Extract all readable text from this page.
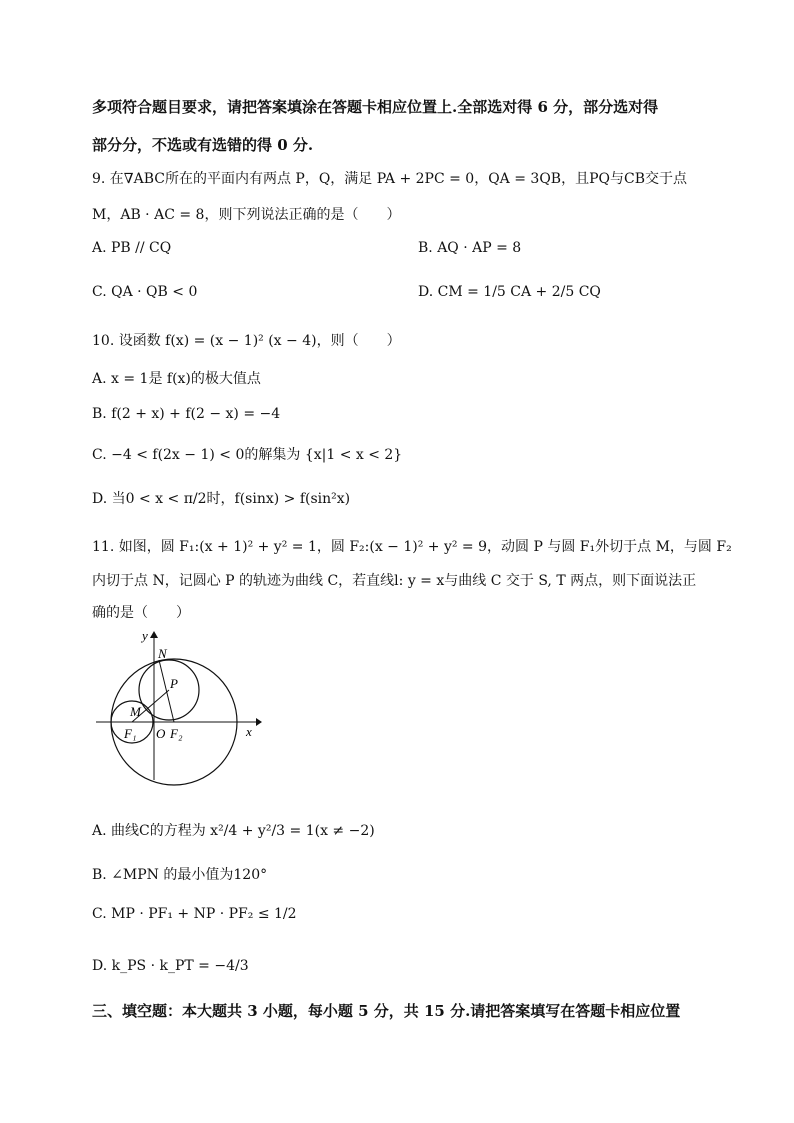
多项符合题目要求，请把答案填涂在答题卡相应位置上.全部选对得 6 分，部分选对得
部分分，不选或有选错的得 0 分.
9. 在∇ABC所在的平面内有两点 P，Q，满足 PA + 2PC = 0，QA = 3QB，且PQ与CB交于点
M，AB · AC = 8，则下列说法正确的是（　　）
A. PB // CQ	B. AQ · AP = 8
C. QA · QB < 0	D. CM = 1/5 CA + 2/5 CQ
10. 设函数 f(x) = (x − 1)² (x − 4)，则（　　）
A. x = 1是 f(x)的极大值点
B. f(2 + x) + f(2 − x) = −4
C. −4 < f(2x − 1) < 0的解集为 {x|1 < x < 2}
D. 当0 < x < π/2时，f(sinx) > f(sin²x)
11. 如图，圆 F₁:(x + 1)² + y² = 1，圆 F₂:(x − 1)² + y² = 9，动圆 P 与圆 F₁外切于点 M，与圆 F₂
内切于点 N，记圆心 P 的轨迹为曲线 C，若直线l: y = x与曲线 C 交于 S, T 两点，则下面说法正
确的是（　　）
y
x
N
P
M
F₁ O F₂
A. 曲线C的方程为 x²/4 + y²/3 = 1(x ≠ −2)
B. ∠MPN 的最小值为120°
C. MP · PF₁ + NP · PF₂ ≤ 1/2
D. k_PS · k_PT = −4/3
三、填空题：本大题共 3 小题，每小题 5 分，共 15 分.请把答案填写在答题卡相应位置
